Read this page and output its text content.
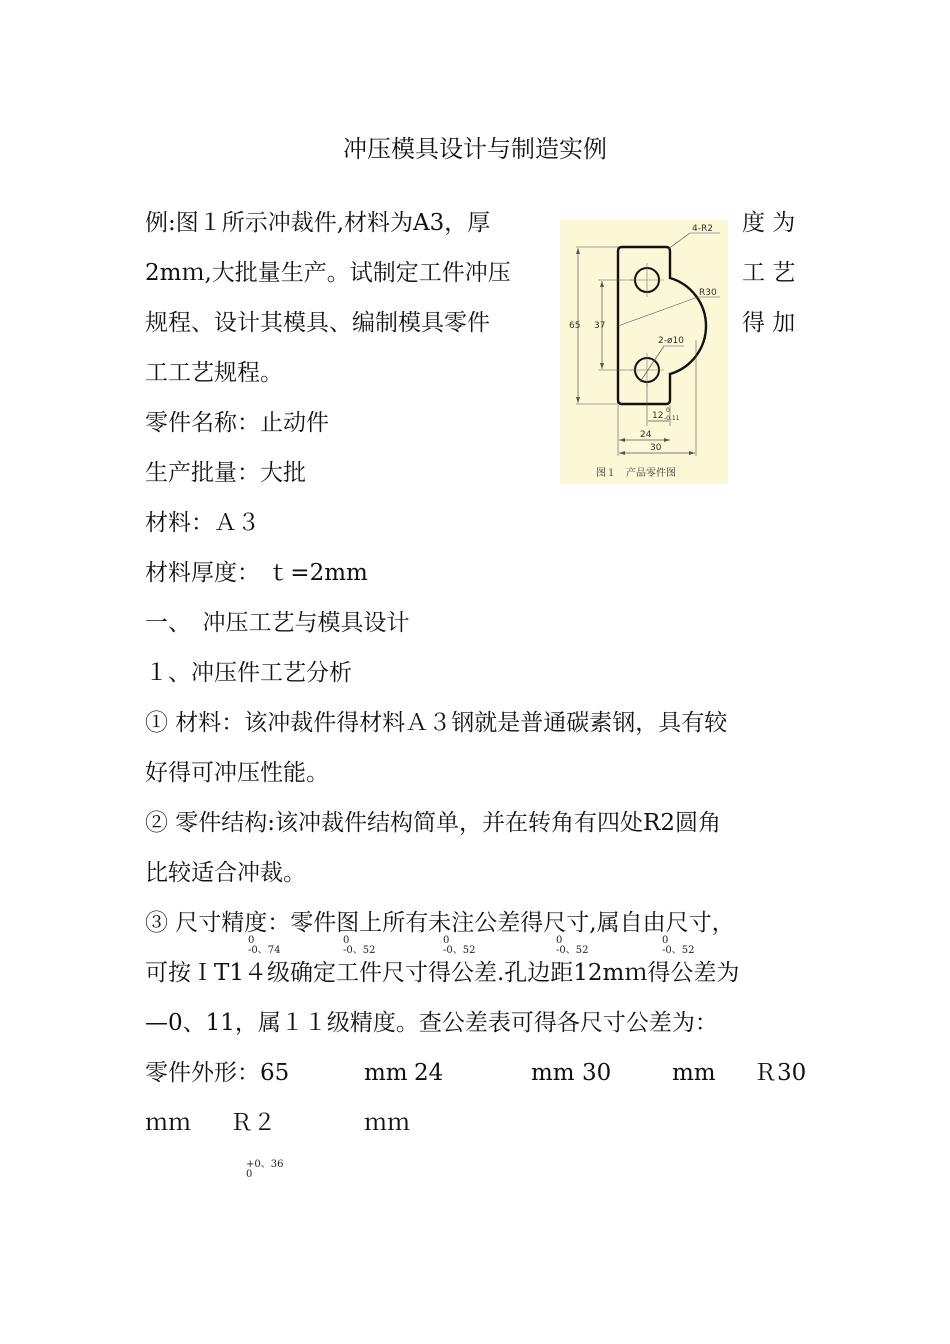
冲压模具设计与制造实例
例:图１所示冲裁件,材料为A3，厚	度 为
2mｍ,大批量生产。试制定工件冲压	工 艺
规程、设计其模具、编制模具零件	得 加
工工艺规程。
零件名称：止动件
生产批量：大批
材料：Ａ３
材料厚度： ｔ=2mm
一、　冲压工艺与模具设计
１、冲压件工艺分析
① 材料：该冲裁件得材料Ａ３钢就是普通碳素钢，具有较
好得可冲压性能。
② 零件结构:该冲裁件结构简单，并在转角有四处R2圆角
比较适合冲裁。
③ 尺寸精度：零件图上所有未注公差得尺寸,属自由尺寸，
0
-0、74
0
-0、52
0
-0、52
0
-0、52
0
-0、52
可按ＩT1４级确定工件尺寸得公差.孔边距12mｍ得公差为
—0、11，属１１级精度。查公差表可得各尺寸公差为：
零件外形：65	mm 24	mm 30	mm Ｒ30
ｍｍ Ｒ２	ｍｍ
+0、36
0
65 37
4-R2
R30
2-ø10
12
0
-0.11
24
30
图１　产品零件图
